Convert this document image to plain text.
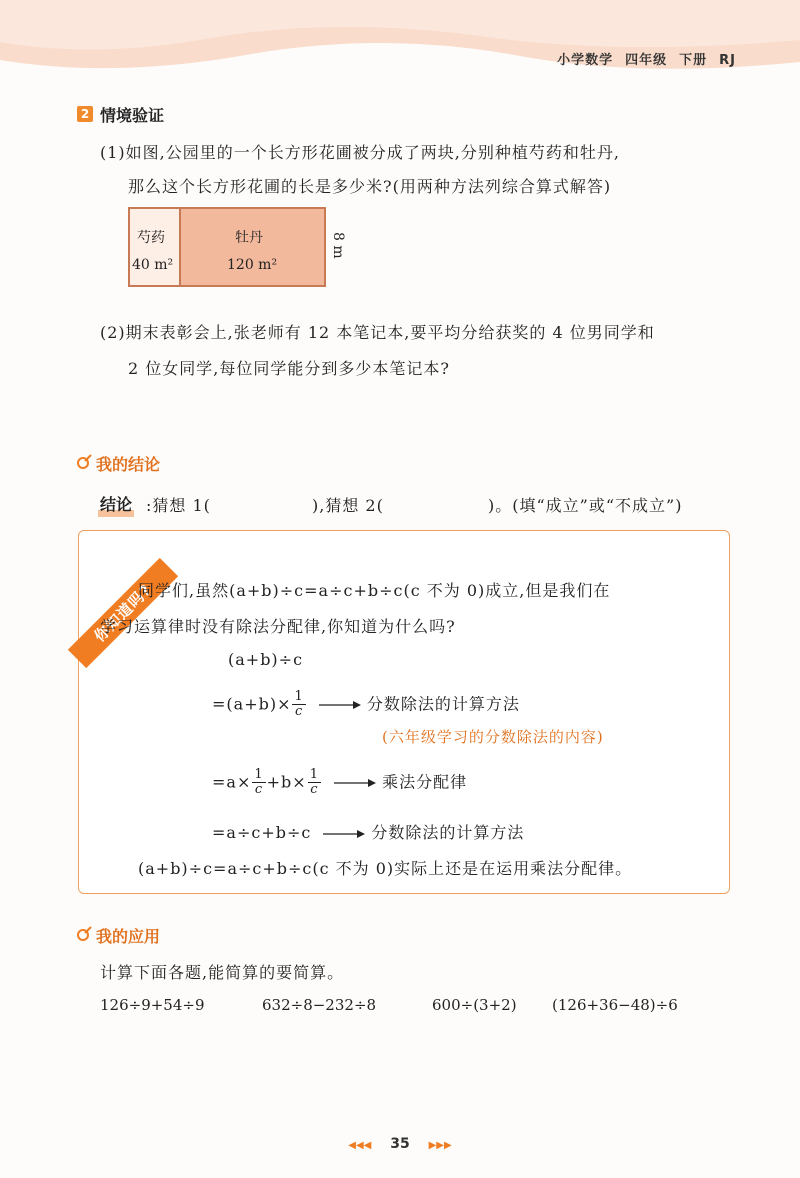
小学数学 四年级 下册 RJ
2 情境验证
(1)如图,公园里的一个长方形花圃被分成了两块,分别种植芍药和牡丹,
那么这个长方形花圃的长是多少米?(用两种方法列综合算式解答)
芍药
40 m²
牡丹
120 m²
8 m
(2)期末表彰会上,张老师有 12 本笔记本,要平均分给获奖的 4 位男同学和
2 位女同学,每位同学能分到多少本笔记本?
我的结论
结论 :猜想 1(	),猜想 2(	)。(填“成立”或“不成立”)
你知道吗?
同学们,虽然(a+b)÷c=a÷c+b÷c(c 不为 0)成立,但是我们在
学习运算律时没有除法分配律,你知道为什么吗?
(a+b)÷c
$=(a+b)\times \frac{1}{c}$	分数除法的计算方法
(六年级学习的分数除法的内容)
$=a\times \frac{1}{c} +b\times \frac{1}{c}$	乘法分配律
=a÷c+b÷c	分数除法的计算方法
(a+b)÷c=a÷c+b÷c(c 不为 0)实际上还是在运用乘法分配律。
我的应用
计算下面各题,能简算的要简算。
126÷9+54÷9	632÷8−232÷8	600÷(3+2) (126+36−48)÷6
◀◀◀ 35 ▶▶▶
